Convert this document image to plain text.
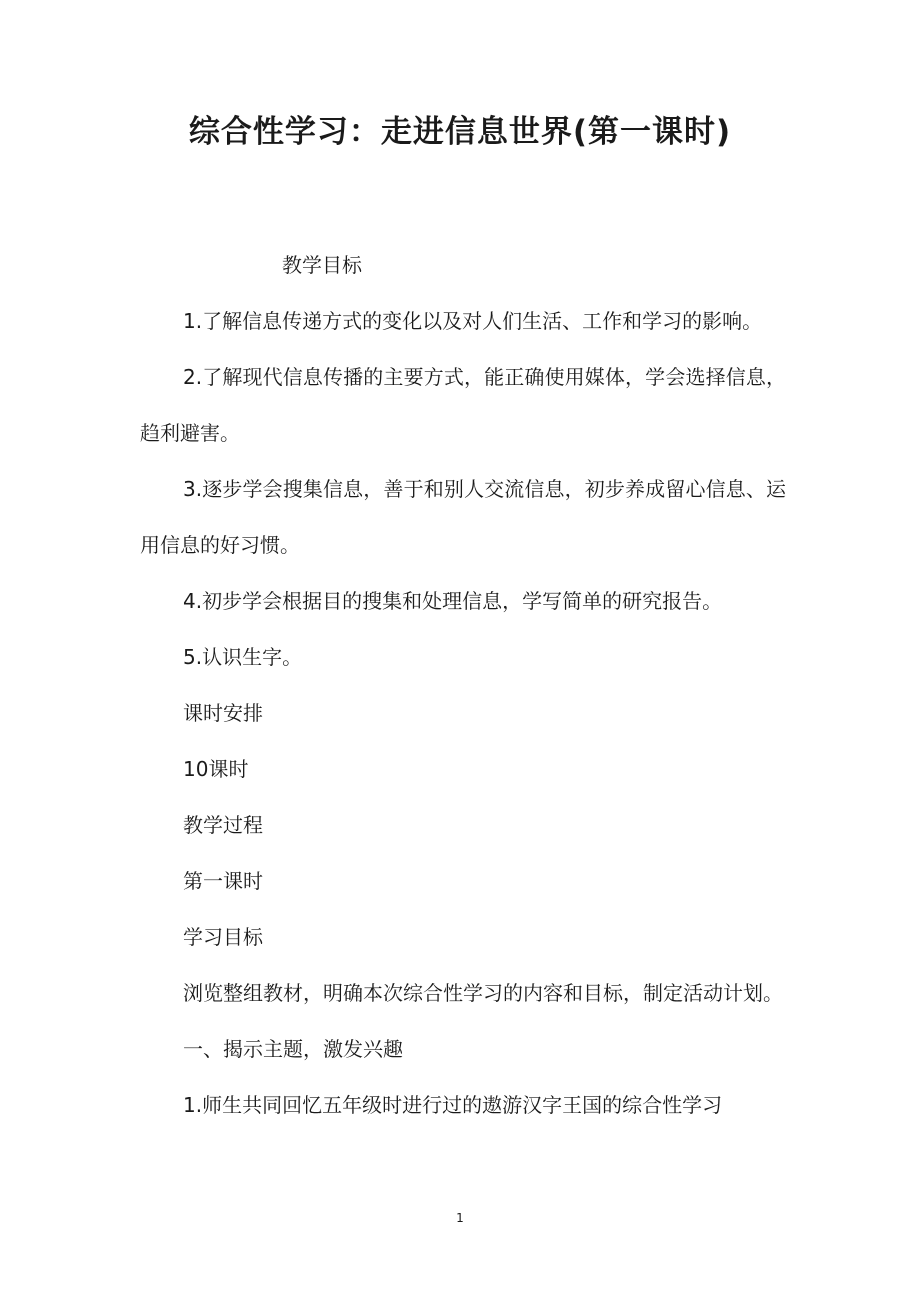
综合性学习：走进信息世界(第一课时)

教学目标

1.了解信息传递方式的变化以及对人们生活、工作和学习的影响。

2.了解现代信息传播的主要方式，能正确使用媒体，学会选择信息，趋利避害。

3.逐步学会搜集信息，善于和别人交流信息，初步养成留心信息、运用信息的好习惯。

4.初步学会根据目的搜集和处理信息，学写简单的研究报告。

5.认识生字。

课时安排

10课时

教学过程

第一课时

学习目标

浏览整组教材，明确本次综合性学习的内容和目标，制定活动计划。

一、揭示主题，激发兴趣

1.师生共同回忆五年级时进行过的遨游汉字王国的综合性学习

1
